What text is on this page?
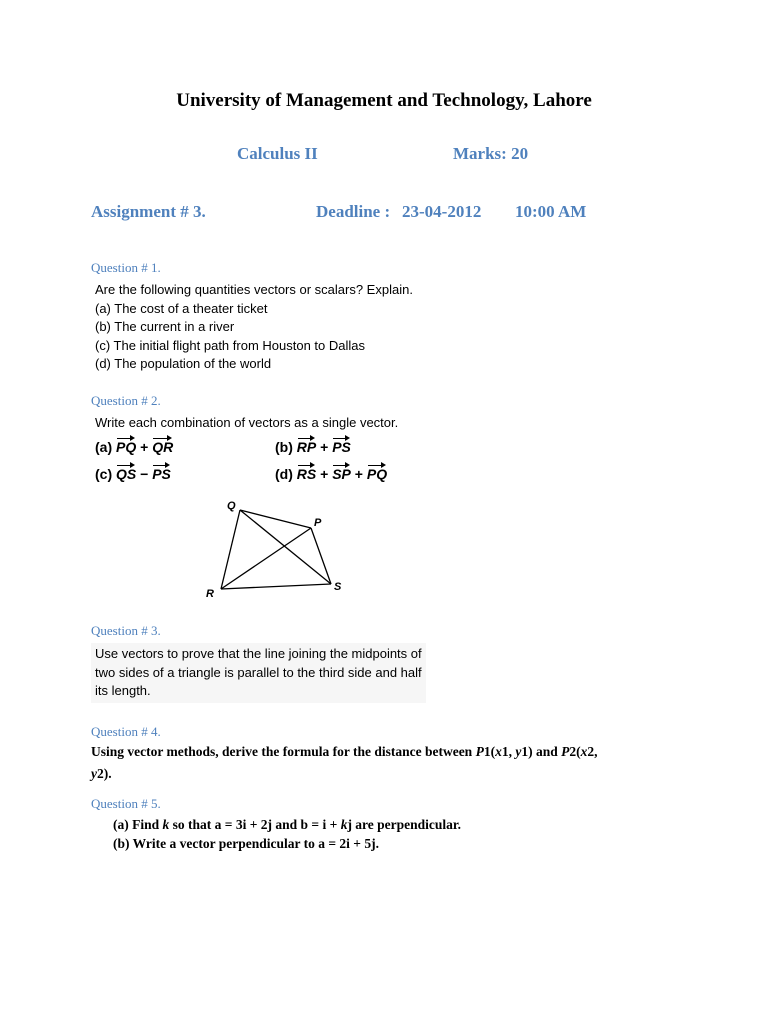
University of Management and Technology, Lahore
Calculus II	Marks: 20
Assignment # 3.	Deadline : 23-04-2012 10:00 AM
Question # 1.
Are the following quantities vectors or scalars? Explain.
(a) The cost of a theater ticket
(b) The current in a river
(c) The initial flight path from Houston to Dallas
(d) The population of the world
Question # 2.
Write each combination of vectors as a single vector.
(a) PQ + QR	(b) RP + PS
(c) QS − PS	(d) RS + SP + PQ
Q
P
R
S
Question # 3.
Use vectors to prove that the line joining the midpoints of
two sides of a triangle is parallel to the third side and half
its length.
Question # 4.
Using vector methods, derive the formula for the distance between P1(x1, y1) and P2(x2,
y2).
Question # 5.
(a) Find k so that a = 3i + 2j and b = i + kj are perpendicular.
(b) Write a vector perpendicular to a = 2i + 5j.
